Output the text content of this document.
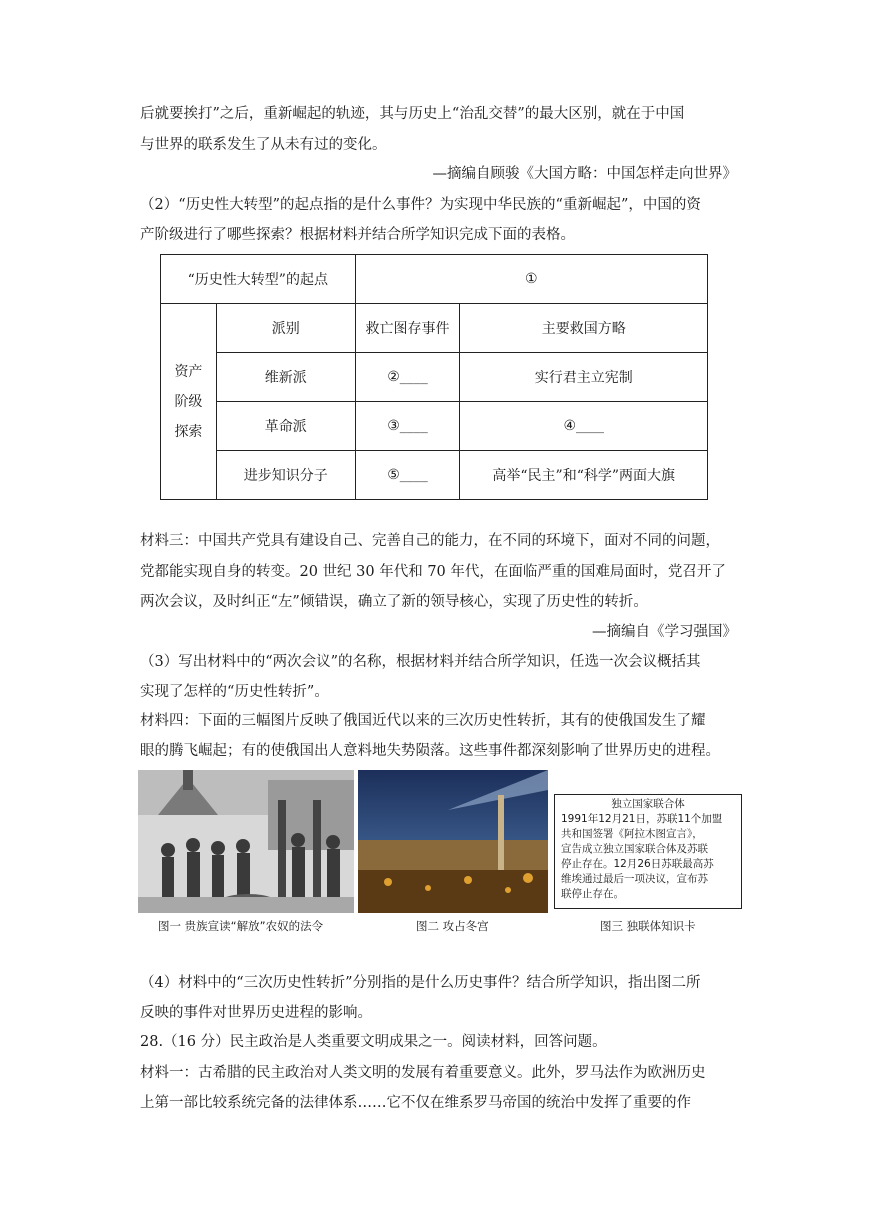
后就要挨打”之后，重新崛起的轨迹，其与历史上“治乱交替”的最大区别，就在于中国
与世界的联系发生了从未有过的变化。
—摘编自顾骏《大国方略：中国怎样走向世界》
（2）“历史性大转型”的起点指的是什么事件？为实现中华民族的“重新崛起”，中国的资
产阶级进行了哪些探索？根据材料并结合所学知识完成下面的表格。
“历史性大转型”的起点		①	
资产
阶级
探索	派别	救亡图存事件	主要救国方略
	维新派	②____	实行君主立宪制
	革命派	③____	④____
	进步知识分子	⑤____	高举“民主”和“科学”两面大旗
材料三：中国共产党具有建设自己、完善自己的能力，在不同的环境下，面对不同的问题，
党都能实现自身的转变。20 世纪 30 年代和 70 年代，在面临严重的国难局面时，党召开了
两次会议，及时纠正“左”倾错误，确立了新的领导核心，实现了历史性的转折。
—摘编自《学习强国》
（3）写出材料中的“两次会议”的名称，根据材料并结合所学知识，任选一次会议概括其
实现了怎样的“历史性转折”。
材料四：下面的三幅图片反映了俄国近代以来的三次历史性转折，其有的使俄国发生了耀
眼的腾飞崛起；有的使俄国出人意料地失势陨落。这些事件都深刻影响了世界历史的进程。
独立国家联合体
1991年12月21日，苏联11个加盟
共和国签署《阿拉木图宣言》，
宣告成立独立国家联合体及苏联
停止存在。12月26日苏联最高苏
维埃通过最后一项决议，宣布苏
联停止存在。
图一 贵族宣读“解放”农奴的法令	图二 攻占冬宫	图三 独联体知识卡
（4）材料中的“三次历史性转折”分别指的是什么历史事件？结合所学知识，指出图二所
反映的事件对世界历史进程的影响。
28.（16 分）民主政治是人类重要文明成果之一。阅读材料，回答问题。
材料一：古希腊的民主政治对人类文明的发展有着重要意义。此外，罗马法作为欧洲历史
上第一部比较系统完备的法律体系……它不仅在维系罗马帝国的统治中发挥了重要的作
